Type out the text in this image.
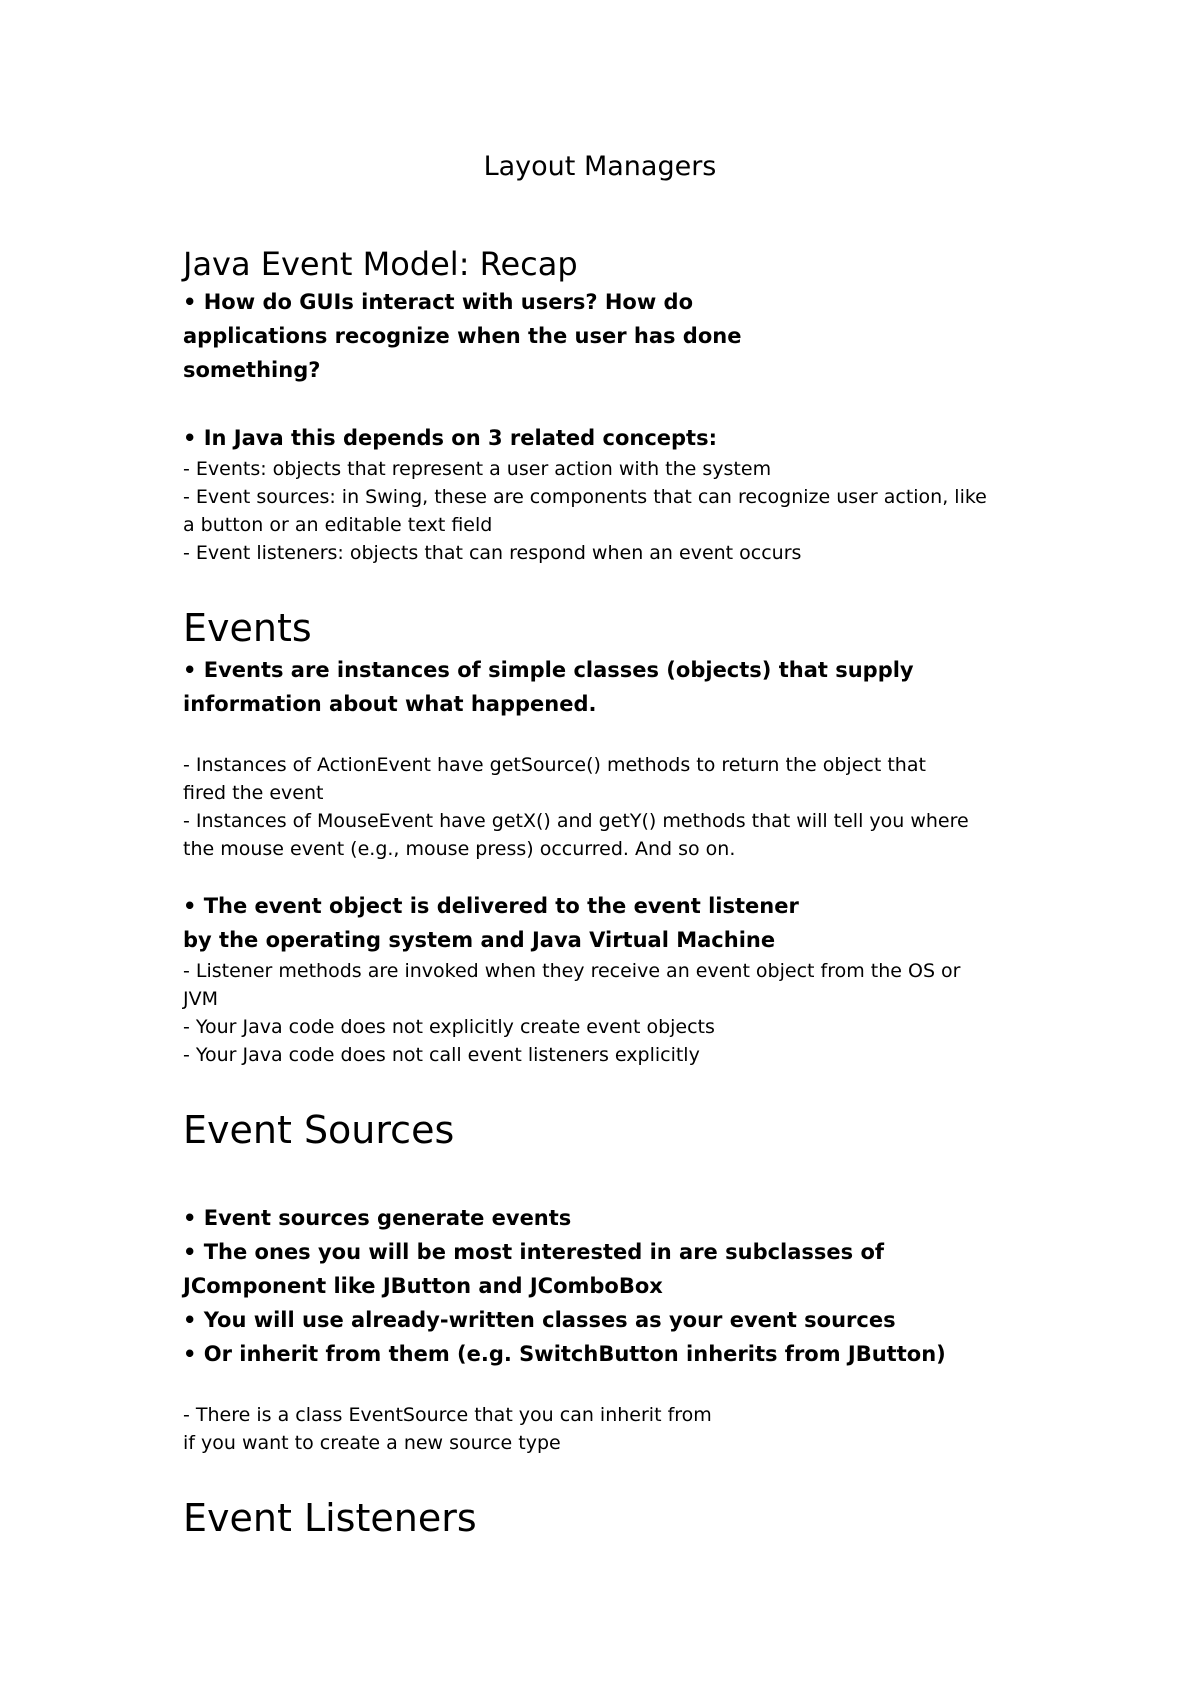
Layout Managers
Java Event Model: Recap

• How do GUIs interact with users? How do

applications recognize when the user has done

something?

• In Java this depends on 3 related concepts:

- Events: objects that represent a user action with the system

- Event sources: in Swing, these are components that can recognize user action, like

a button or an editable text field

- Event listeners: objects that can respond when an event occurs

Events

• Events are instances of simple classes (objects) that supply

information about what happened.

- Instances of ActionEvent have getSource() methods to return the object that

fired the event

- Instances of MouseEvent have getX() and getY() methods that will tell you where

the mouse event (e.g., mouse press) occurred. And so on.

• The event object is delivered to the event listener

by the operating system and Java Virtual Machine

- Listener methods are invoked when they receive an event object from the OS or

JVM

- Your Java code does not explicitly create event objects

- Your Java code does not call event listeners explicitly

Event Sources

• Event sources generate events

• The ones you will be most interested in are subclasses of

JComponent like JButton and JComboBox

• You will use already-written classes as your event sources

• Or inherit from them (e.g. SwitchButton inherits from JButton)

- There is a class EventSource that you can inherit from

if you want to create a new source type

Event Listeners
